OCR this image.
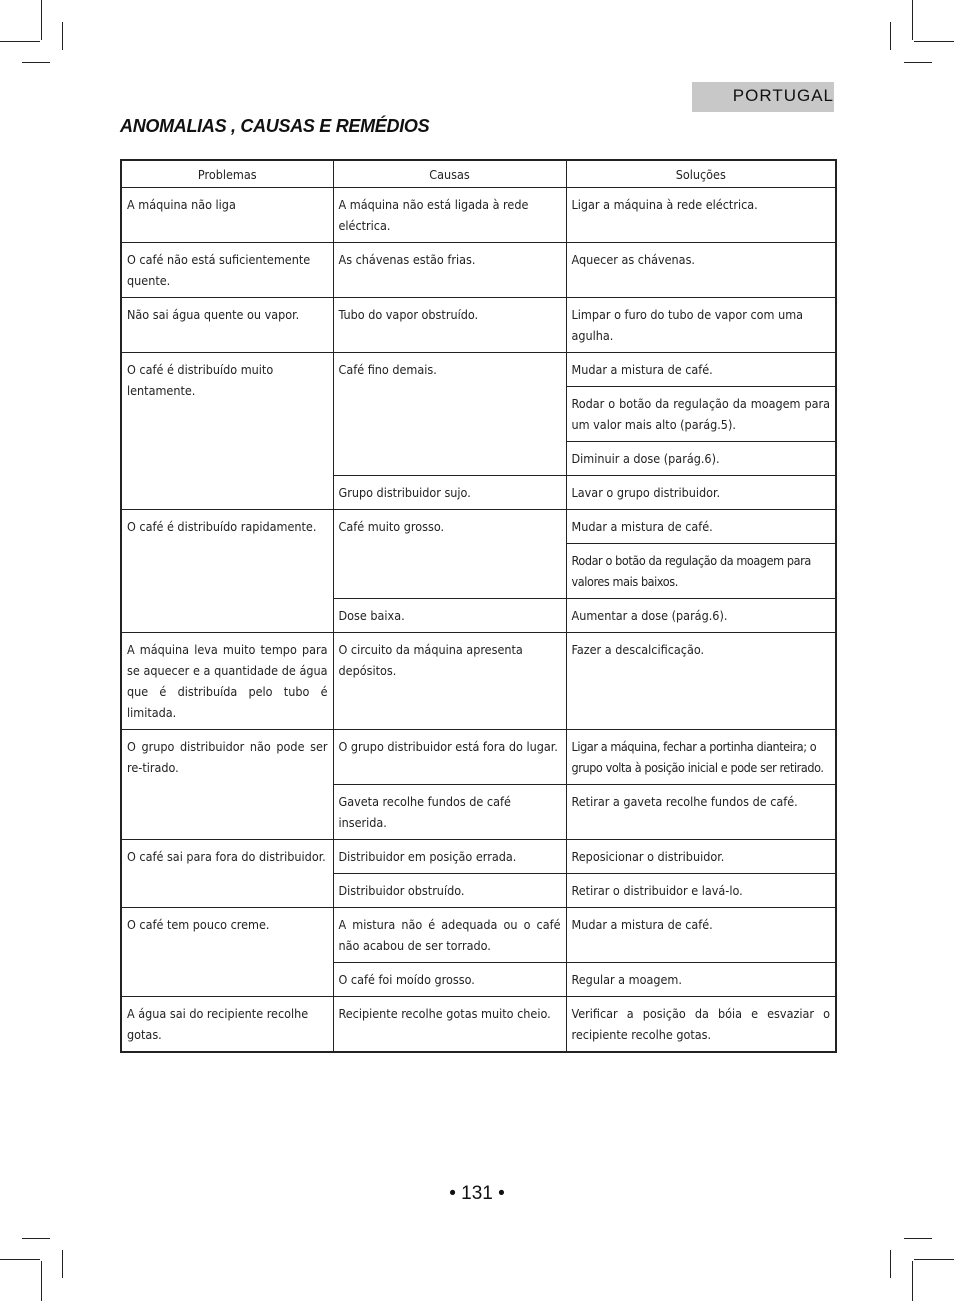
PORTUGAL
ANOMALIAS , CAUSAS E REMÉDIOS
Problemas	Causas	Soluções
A máquina não liga	A máquina não está ligada à rede eléctrica.	Ligar a máquina à rede eléctrica.
O café não está suficientemente quente.	As chávenas estão frias.	Aquecer as chávenas.
Não sai água quente ou vapor.	Tubo do vapor obstruído.	Limpar o furo do tubo de vapor com uma agulha.
O café é distribuído muito lentamente.	Café fino demais.	Mudar a mistura de café.
		Rodar o botão da regulação da moagem para um valor mais alto (parág.5).
		Diminuir a dose (parág.6).
	Grupo distribuidor sujo.	Lavar o grupo distribuidor.
O café é distribuído rapidamente.	Café muito grosso.	Mudar a mistura de café.
		Rodar o botão da regulação da moagem para valores mais baixos.
	Dose baixa.	Aumentar a dose (parág.6).
A máquina leva muito tempo para se aquecer e a quantidade de água que é distribuída pelo tubo é limitada.	O circuito da máquina apresenta depósitos.	Fazer a descalcificação.
O grupo distribuidor não pode ser re-tirado.	O grupo distribuidor está fora do lugar.	Ligar a máquina, fechar a portinha dianteira; o grupo volta à posição inicial e pode ser retirado.
	Gaveta recolhe fundos de café inserida.	Retirar a gaveta recolhe fundos de café.
O café sai para fora do distribuidor.	Distribuidor em posição errada.	Reposicionar o distribuidor.
	Distribuidor obstruído.	Retirar o distribuidor e lavá-lo.
O café tem pouco creme.	A mistura não é adequada ou o café não acabou de ser torrado.	Mudar a mistura de café.
	O café foi moído grosso.	Regular a moagem.
A água sai do recipiente recolhe gotas.	Recipiente recolhe gotas muito cheio.	Verificar a posição da bóia e esvaziar o recipiente recolhe gotas.
• 131 •
